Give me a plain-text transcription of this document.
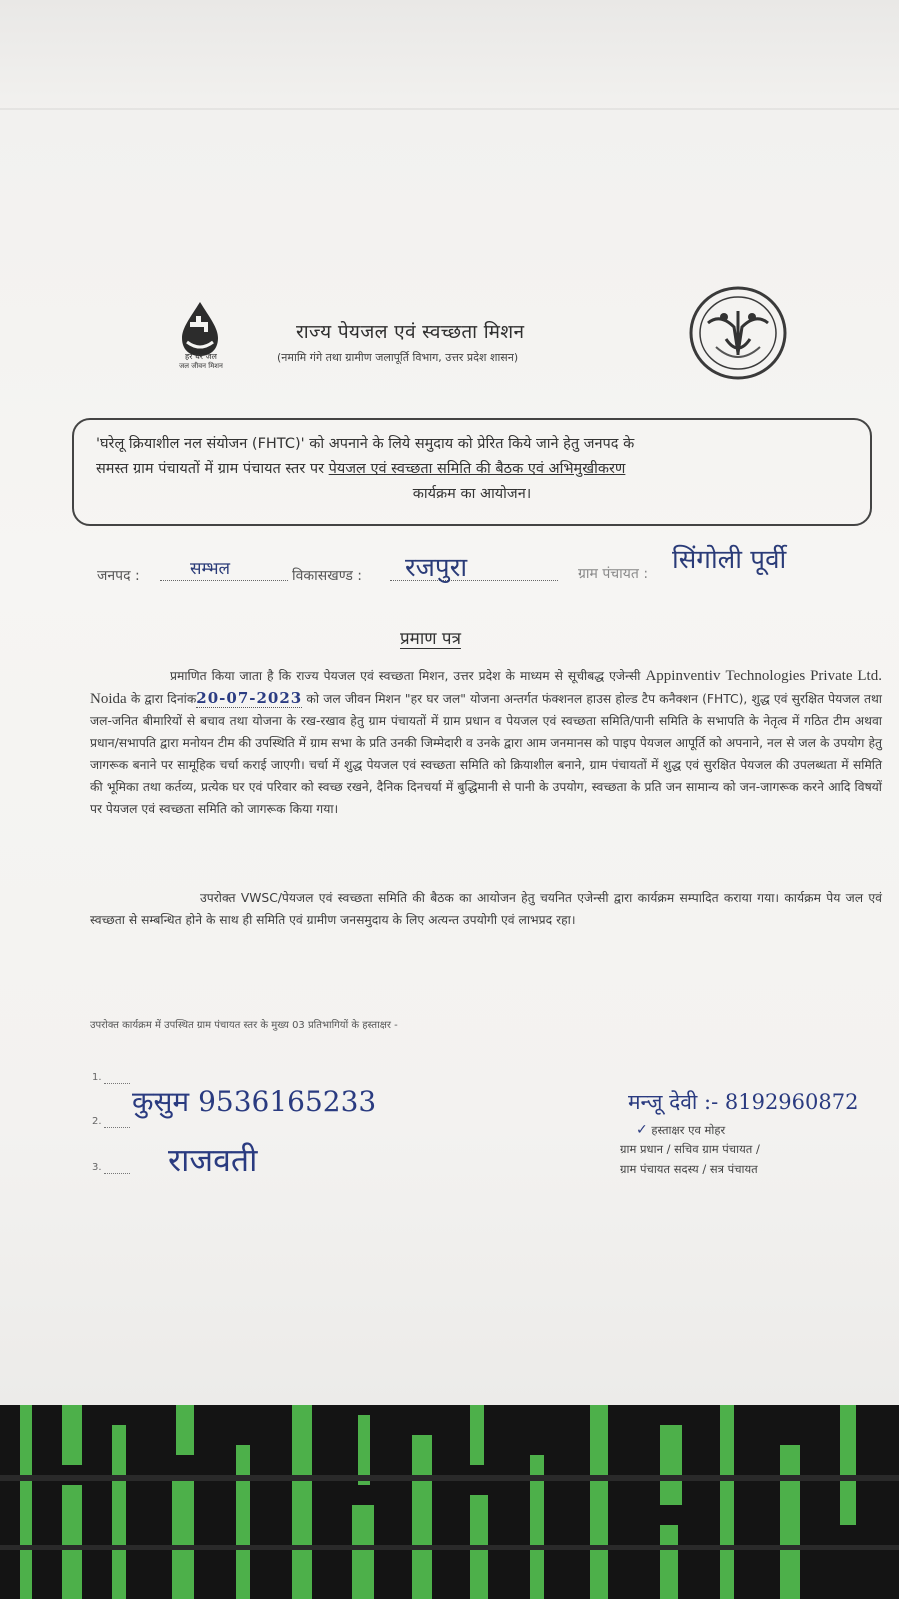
हर घर जल
जल जीवन मिशन
राज्य पेयजल एवं स्वच्छता मिशन
(नमामि गंगे तथा ग्रामीण जलापूर्ति विभाग, उत्तर प्रदेश शासन)
'घरेलू क्रियाशील नल संयोजन (FHTC)' को अपनाने के लिये समुदाय को प्रेरित किये जाने हेतु जनपद के
समस्त ग्राम पंचायतों में ग्राम पंचायत स्तर पर पेयजल एवं स्वच्छता समिति की बैठक एवं अभिमुखीकरण
कार्यक्रम का आयोजन।
जनपद :	सम्भल	विकासखण्ड : रजपुरा	ग्राम पंचायत : सिंगोली पूर्वी
प्रमाण पत्र
प्रमाणित किया जाता है कि राज्य पेयजल एवं स्वच्छता मिशन, उत्तर प्रदेश के माध्यम से सूचीबद्ध एजेन्सी Appinventiv Technologies Private Ltd. Noida के द्वारा दिनांक20-07-2023 को जल जीवन मिशन "हर घर जल" योजना अन्तर्गत फंक्शनल हाउस होल्ड टैप कनैक्शन (FHTC), शुद्ध एवं सुरक्षित पेयजल तथा जल-जनित बीमारियों से बचाव तथा योजना के रख-रखाव हेतु ग्राम पंचायतों में ग्राम प्रधान व पेयजल एवं स्वच्छता समिति/पानी समिति के सभापति के नेतृत्व में गठित टीम अथवा प्रधान/सभापति द्वारा मनोयन टीम की उपस्थिति में ग्राम सभा के प्रति उनकी जिम्मेदारी व उनके द्वारा आम जनमानस को पाइप पेयजल आपूर्ति को अपनाने, नल से जल के उपयोग हेतु जागरूक बनाने पर सामूहिक चर्चा कराई जाएगी। चर्चा में शुद्ध पेयजल एवं स्वच्छता समिति को क्रियाशील बनाने, ग्राम पंचायतों में शुद्ध एवं सुरक्षित पेयजल की उपलब्धता में समिति की भूमिका तथा कर्तव्य, प्रत्येक घर एवं परिवार को स्वच्छ रखने, दैनिक दिनचर्या में बुद्धिमानी से पानी के उपयोग, स्वच्छता के प्रति जन सामान्य को जन-जागरूक करने आदि विषयों पर पेयजल एवं स्वच्छता समिति को जागरूक किया गया।
उपरोक्त VWSC/पेयजल एवं स्वच्छता समिति की बैठक का आयोजन हेतु चयनित एजेन्सी द्वारा कार्यक्रम सम्पादित कराया गया। कार्यक्रम पेय जल एवं स्वच्छता से सम्बन्धित होने के साथ ही समिति एवं ग्रामीण जनसमुदाय के लिए अत्यन्त उपयोगी एवं लाभप्रद रहा।
उपरोक्त कार्यक्रम में उपस्थित ग्राम पंचायत स्तर के मुख्य 03 प्रतिभागियों के हस्ताक्षर -
1.
कुसुम 9536165233
2.
3. राजवती
मन्जू देवी :- 8192960872
✓ हस्ताक्षर एव मोहर
ग्राम प्रधान / सचिव ग्राम पंचायत /
ग्राम पंचायत सदस्य / सत्र पंचायत
